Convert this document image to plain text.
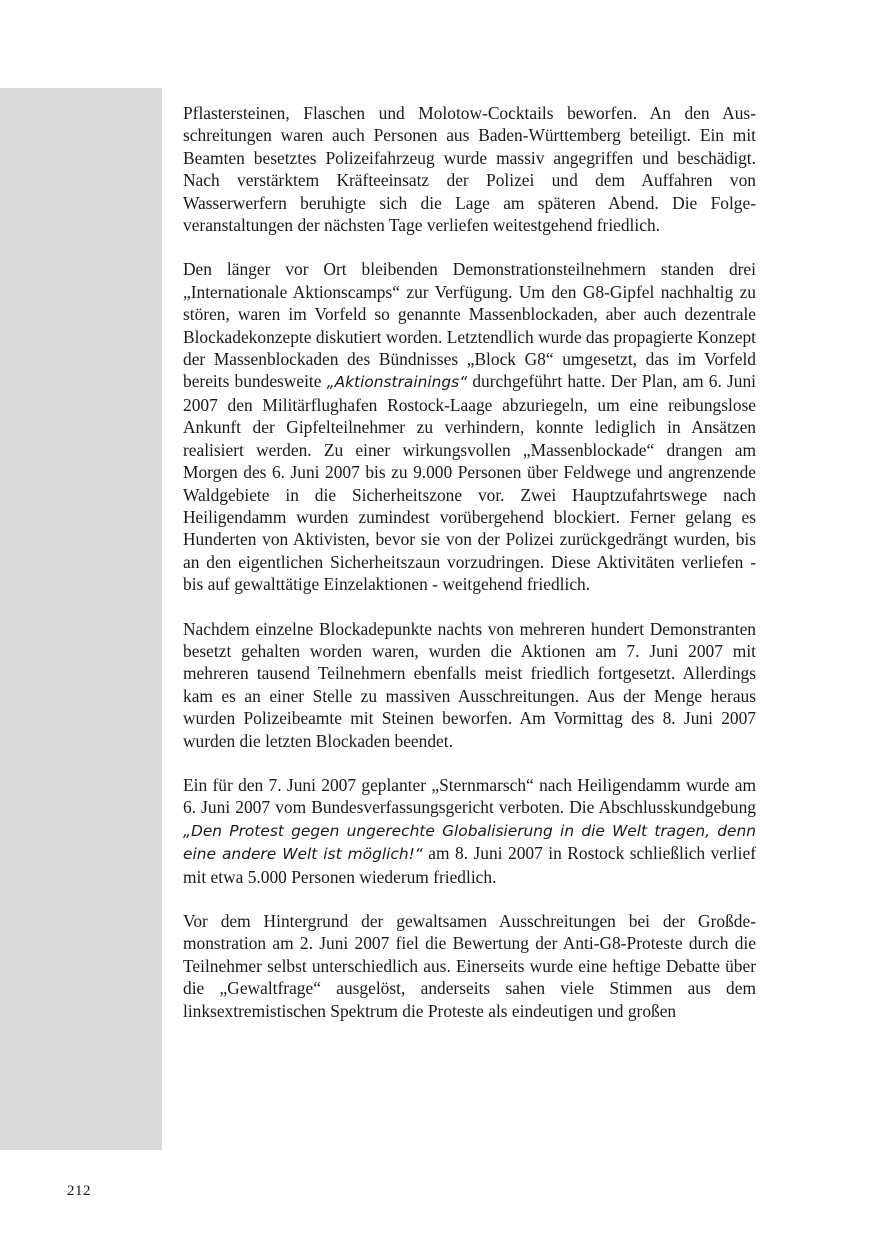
Pflastersteinen, Flaschen und Molotow-Cocktails beworfen. An den Ausschreitungen waren auch Personen aus Baden-Württemberg beteiligt. Ein mit Beamten besetztes Polizeifahrzeug wurde massiv angegriffen und beschädigt. Nach verstärktem Kräfteeinsatz der Polizei und dem Auffahren von Wasserwerfern beruhigte sich die Lage am späteren Abend. Die Folgeveranstaltungen der nächsten Tage verliefen weitestgehend friedlich.

Den länger vor Ort bleibenden Demonstrationsteilnehmern standen drei „Internationale Aktionscamps“ zur Verfügung. Um den G8-Gipfel nachhaltig zu stören, waren im Vorfeld so genannte Massenblockaden, aber auch dezentrale Blockadekonzepte diskutiert worden. Letztendlich wurde das propagierte Konzept der Massenblockaden des Bündnisses „Block G8“ umgesetzt, das im Vorfeld bereits bundesweite „Aktionstrainings“ durchgeführt hatte. Der Plan, am 6. Juni 2007 den Militärflughafen Rostock-Laage abzuriegeln, um eine reibungslose Ankunft der Gipfelteilnehmer zu verhindern, konnte lediglich in Ansätzen realisiert werden. Zu einer wirkungsvollen „Massenblockade“ drangen am Morgen des 6. Juni 2007 bis zu 9.000 Personen über Feldwege und angrenzende Waldgebiete in die Sicherheitszone vor. Zwei Hauptzufahrtswege nach Heiligendamm wurden zumindest vorübergehend blockiert. Ferner gelang es Hunderten von Aktivisten, bevor sie von der Polizei zurückgedrängt wurden, bis an den eigentlichen Sicherheitszaun vorzudringen. Diese Aktivitäten verliefen - bis auf gewalttätige Einzelaktionen - weitgehend friedlich.

Nachdem einzelne Blockadepunkte nachts von mehreren hundert Demonstranten besetzt gehalten worden waren, wurden die Aktionen am 7. Juni 2007 mit mehreren tausend Teilnehmern ebenfalls meist friedlich fortgesetzt. Allerdings kam es an einer Stelle zu massiven Ausschreitungen. Aus der Menge heraus wurden Polizeibeamte mit Steinen beworfen. Am Vormittag des 8. Juni 2007 wurden die letzten Blockaden beendet.

Ein für den 7. Juni 2007 geplanter „Sternmarsch“ nach Heiligendamm wurde am 6. Juni 2007 vom Bundesverfassungsgericht verboten. Die Abschlusskundgebung „Den Protest gegen ungerechte Globalisierung in die Welt tragen, denn eine andere Welt ist möglich!“ am 8. Juni 2007 in Rostock schließlich verlief mit etwa 5.000 Personen wiederum friedlich.

Vor dem Hintergrund der gewaltsamen Ausschreitungen bei der Großdemonstration am 2. Juni 2007 fiel die Bewertung der Anti-G8-Proteste durch die Teilnehmer selbst unterschiedlich aus. Einerseits wurde eine heftige Debatte über die „Gewaltfrage“ ausgelöst, anderseits sahen viele Stimmen aus dem linksextremistischen Spektrum die Proteste als eindeutigen und großen

212
